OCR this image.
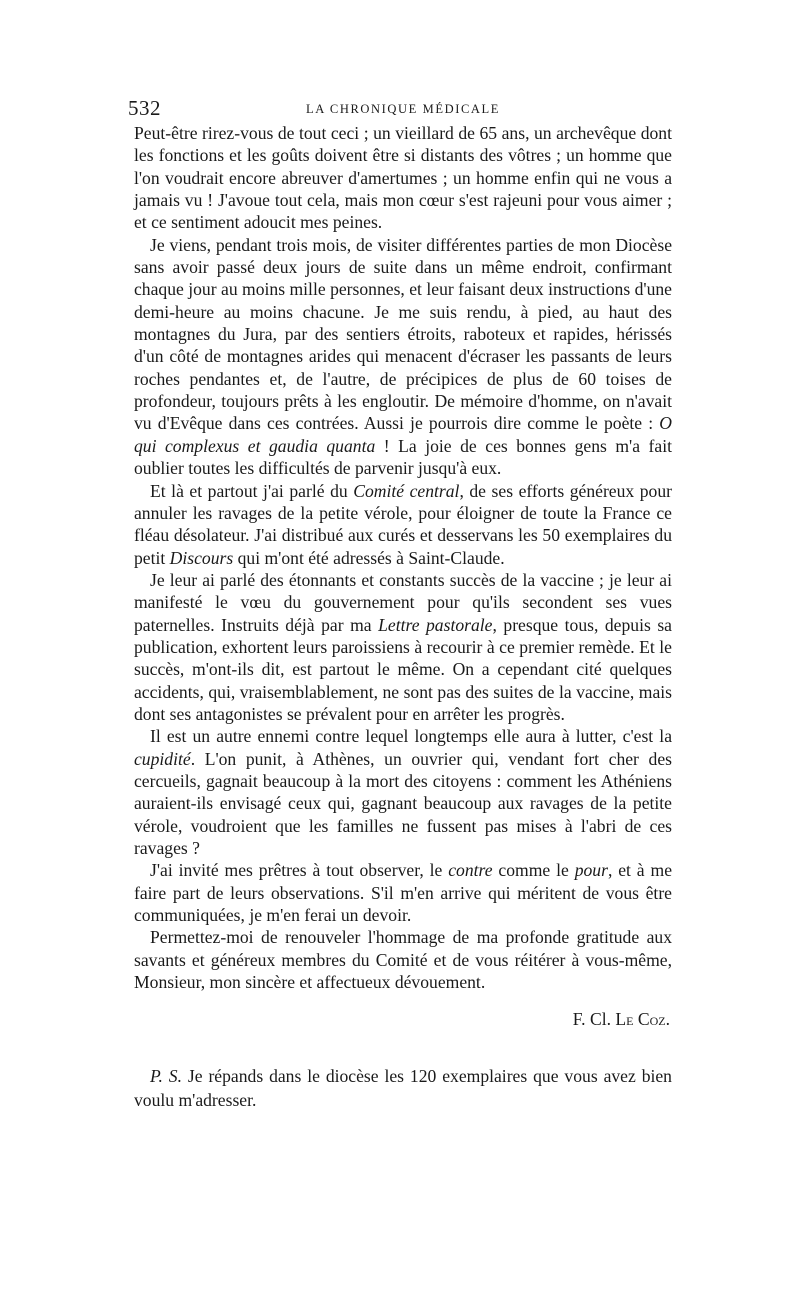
532	LA CHRONIQUE MÉDICALE

Peut-être rirez-vous de tout ceci ; un vieillard de 65 ans, un archevêque dont les fonctions et les goûts doivent être si distants des vôtres ; un homme que l'on voudrait encore abreuver d'amertumes ; un homme enfin qui ne vous a jamais vu ! J'avoue tout cela, mais mon cœur s'est rajeuni pour vous aimer ; et ce sentiment adoucit mes peines.

Je viens, pendant trois mois, de visiter différentes parties de mon Diocèse sans avoir passé deux jours de suite dans un même endroit, confirmant chaque jour au moins mille personnes, et leur faisant deux instructions d'une demi-heure au moins chacune. Je me suis rendu, à pied, au haut des montagnes du Jura, par des sentiers étroits, raboteux et rapides, hérissés d'un côté de montagnes arides qui menacent d'écraser les passants de leurs roches pendantes et, de l'autre, de précipices de plus de 60 toises de profondeur, toujours prêts à les engloutir. De mémoire d'homme, on n'avait vu d'Evêque dans ces contrées. Aussi je pourrois dire comme le poète : O qui complexus et gaudia quanta ! La joie de ces bonnes gens m'a fait oublier toutes les difficultés de parvenir jusqu'à eux.

Et là et partout j'ai parlé du Comité central, de ses efforts généreux pour annuler les ravages de la petite vérole, pour éloigner de toute la France ce fléau désolateur. J'ai distribué aux curés et desservans les 50 exemplaires du petit Discours qui m'ont été adressés à Saint-Claude.

Je leur ai parlé des étonnants et constants succès de la vaccine ; je leur ai manifesté le vœu du gouvernement pour qu'ils secondent ses vues paternelles. Instruits déjà par ma Lettre pastorale, presque tous, depuis sa publication, exhortent leurs paroissiens à recourir à ce premier remède. Et le succès, m'ont-ils dit, est partout le même. On a cependant cité quelques accidents, qui, vraisemblablement, ne sont pas des suites de la vaccine, mais dont ses antagonistes se prévalent pour en arrêter les progrès.

Il est un autre ennemi contre lequel longtemps elle aura à lutter, c'est la cupidité. L'on punit, à Athènes, un ouvrier qui, vendant fort cher des cercueils, gagnait beaucoup à la mort des citoyens : comment les Athéniens auraient-ils envisagé ceux qui, gagnant beaucoup aux ravages de la petite vérole, voudroient que les familles ne fussent pas mises à l'abri de ces ravages ?

J'ai invité mes prêtres à tout observer, le contre comme le pour, et à me faire part de leurs observations. S'il m'en arrive qui méritent de vous être communiquées, je m'en ferai un devoir.

Permettez-moi de renouveler l'hommage de ma profonde gratitude aux savants et généreux membres du Comité et de vous réitérer à vous-même, Monsieur, mon sincère et affectueux dévouement.

F. Cl. Le Coz.

P. S. Je répands dans le diocèse les 120 exemplaires que vous avez bien voulu m'adresser.
